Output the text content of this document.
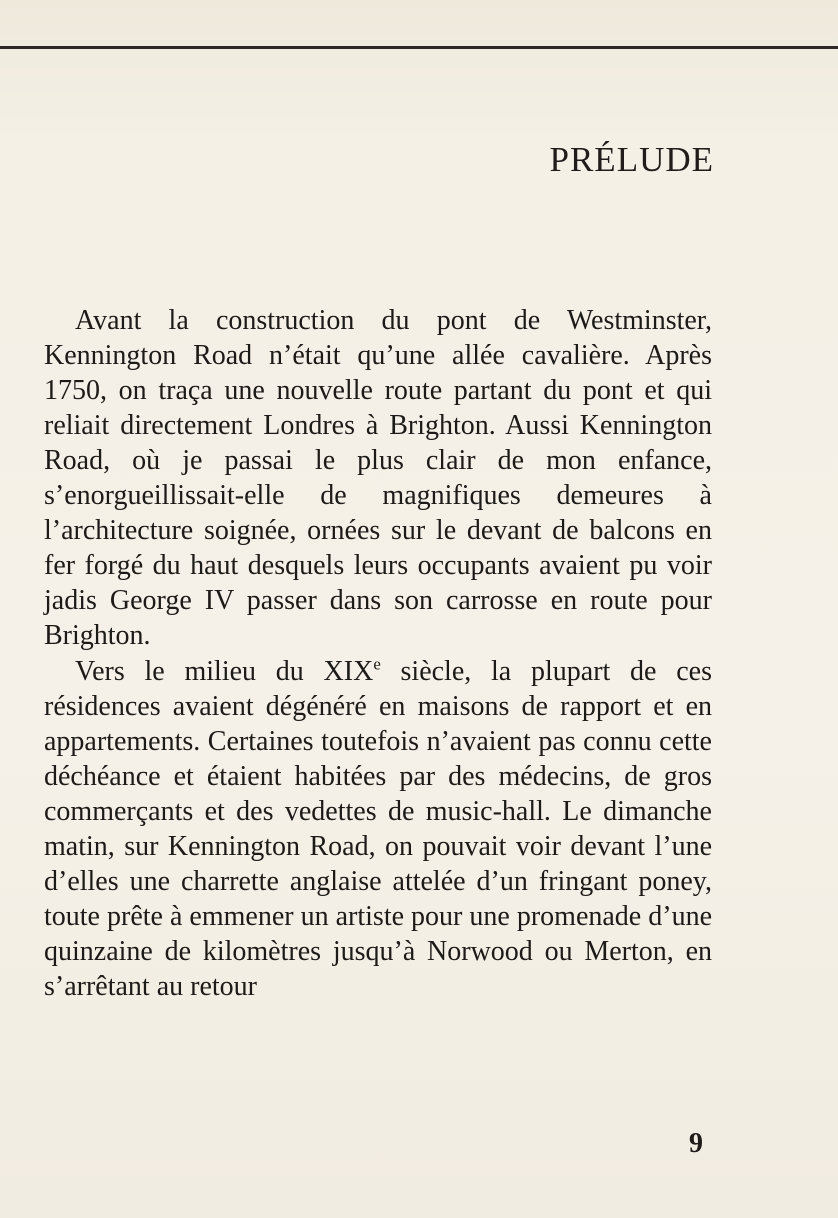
PRÉLUDE

Avant la construction du pont de Westminster, Kennington Road n’était qu’une allée cavalière. Après 1750, on traça une nouvelle route partant du pont et qui reliait directement Londres à Brighton. Aussi Kennington Road, où je passai le plus clair de mon enfance, s’enorgueillissait-elle de magnifiques demeures à l’architecture soignée, ornées sur le devant de balcons en fer forgé du haut desquels leurs occupants avaient pu voir jadis George IV passer dans son carrosse en route pour Brighton.

Vers le milieu du XIXe siècle, la plupart de ces résidences avaient dégénéré en maisons de rapport et en appartements. Certaines toutefois n’avaient pas connu cette déchéance et étaient habitées par des médecins, de gros commerçants et des vedettes de music-hall. Le dimanche matin, sur Kennington Road, on pouvait voir devant l’une d’elles une charrette anglaise attelée d’un fringant poney, toute prête à emmener un artiste pour une promenade d’une quinzaine de kilomètres jusqu’à Norwood ou Merton, en s’arrêtant au retour

9
